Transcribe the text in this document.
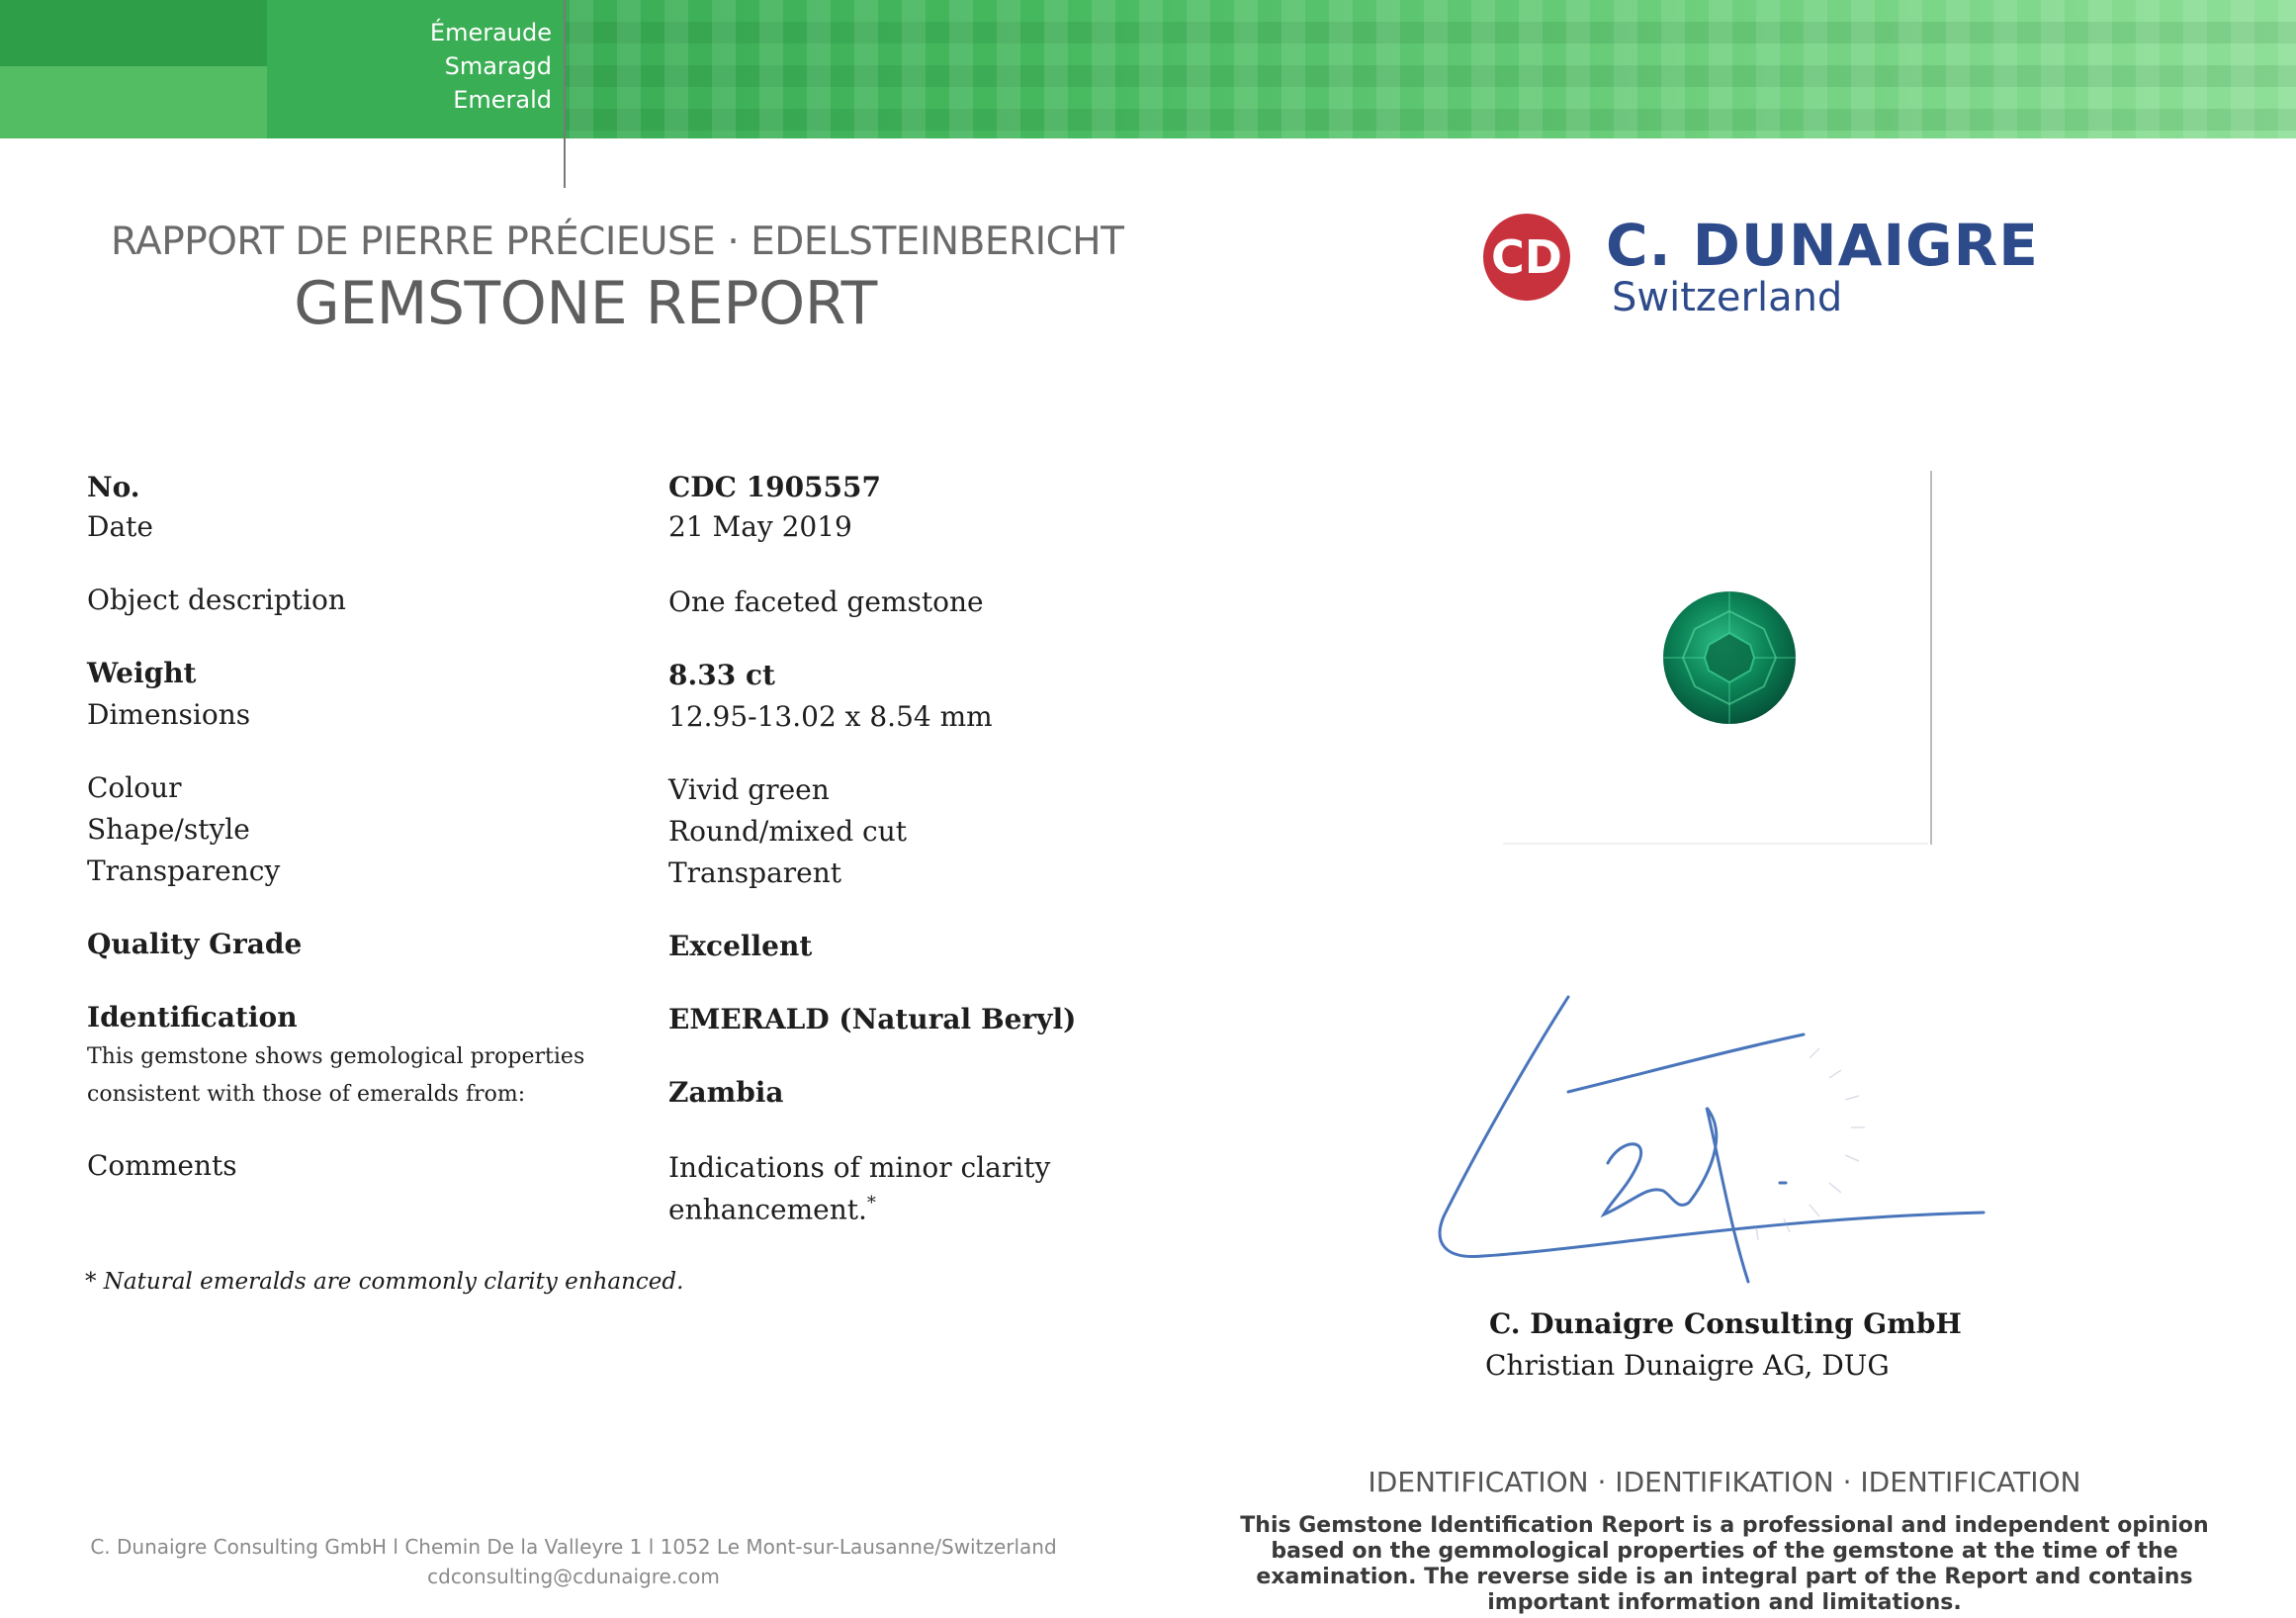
Émeraude
Smaragd
Emerald
RAPPORT DE PIERRE PRÉCIEUSE · EDELSTEINBERICHT
GEMSTONE REPORT
CD C. DUNAIGRE
Switzerland
No.	CDC 1905557
Date	21 May 2019
Object description	One faceted gemstone
Weight	8.33 ct
Dimensions	12.95-13.02 x 8.54 mm
Colour	Vivid green
Shape/style	Round/mixed cut
Transparency	Transparent
Quality Grade	Excellent
Identification	EMERALD (Natural Beryl)
This gemstone shows gemological properties
consistent with those of emeralds from:	Zambia
Comments	Indications of minor clarity
enhancement.*
* Natural emeralds are commonly clarity enhanced.
C. Dunaigre Consulting GmbH
Christian Dunaigre AG, DUG
IDENTIFICATION · IDENTIFIKATION · IDENTIFICATION
This Gemstone Identification Report is a professional and independent opinion based on the gemmological properties of the gemstone at the time of the examination. The reverse side is an integral part of the Report and contains important information and limitations.
C. Dunaigre Consulting GmbH l Chemin De la Valleyre 1 l 1052 Le Mont-sur-Lausanne/Switzerland
cdconsulting@cdunaigre.com
